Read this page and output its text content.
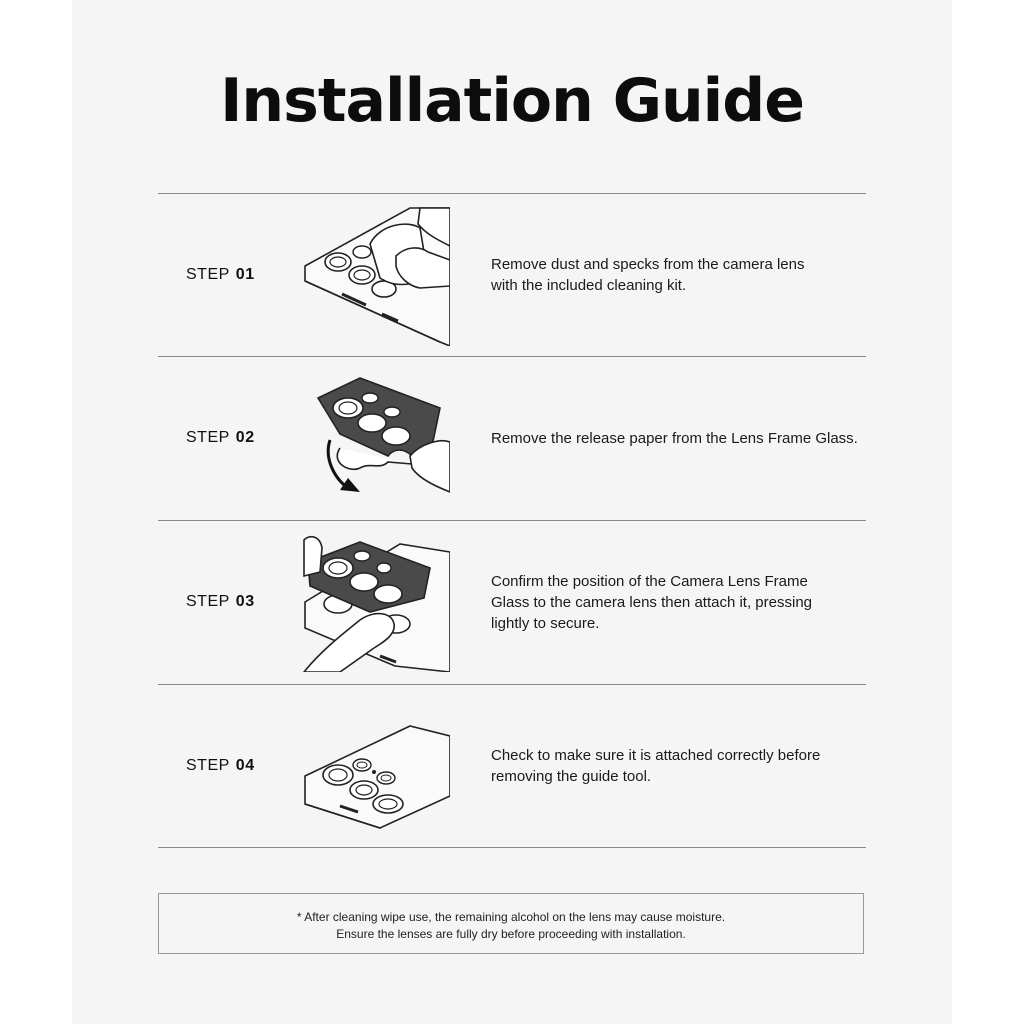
Installation Guide
STEP 01
Remove dust and specks from the camera lens
with the included cleaning kit.
STEP 02	Remove the release paper from the Lens Frame Glass.
STEP 03
Confirm the position of the Camera Lens Frame
Glass to the camera lens then attach it, pressing
lightly to secure.
STEP 04
Check to make sure it is attached correctly before
removing the guide tool.
* After cleaning wipe use, the remaining alcohol on the lens may cause moisture.
Ensure the lenses are fully dry before proceeding with installation.
